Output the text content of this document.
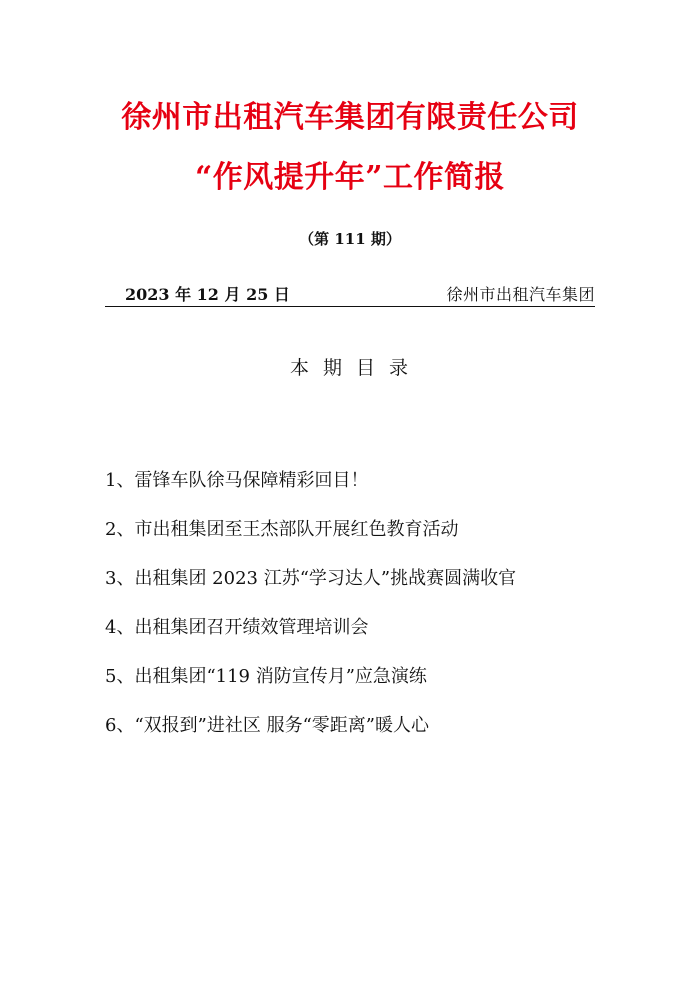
徐州市出租汽车集团有限责任公司
“作风提升年”工作简报
（第 111 期）
2023 年 12 月 25 日	徐州市出租汽车集团
本期目录
1、雷锋车队徐马保障精彩回目！
2、市出租集团至王杰部队开展红色教育活动
3、出租集团 2023 江苏“学习达人”挑战赛圆满收官
4、出租集团召开绩效管理培训会
5、出租集团“119 消防宣传月”应急演练
6、“双报到”进社区 服务“零距离”暖人心
